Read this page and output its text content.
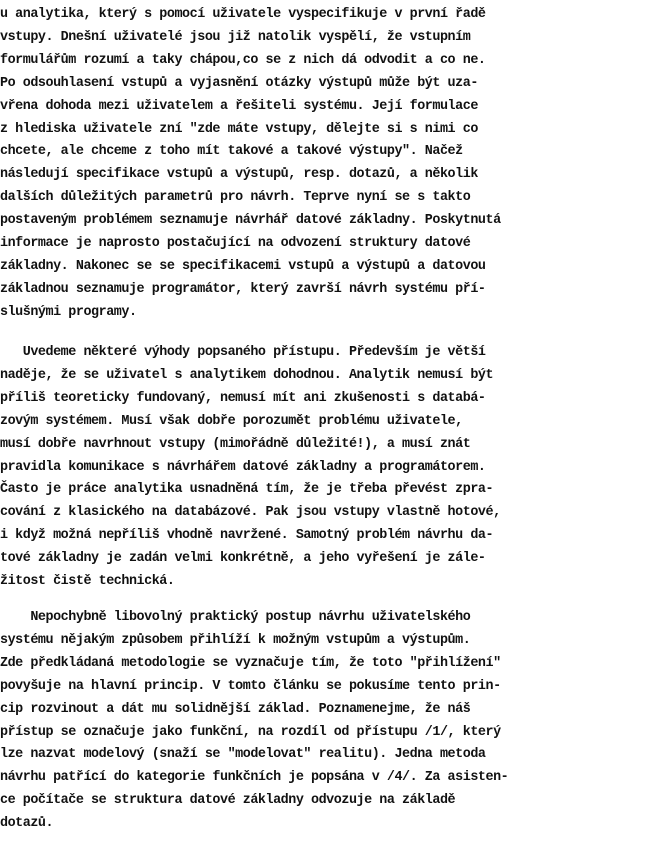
u analytika, který s pomocí uživatele vyspecifikuje v první řadě
vstupy. Dnešní uživatelé jsou již natolik vyspělí, že vstupním
formulářům rozumí a taky chápou,co se z nich dá odvodit a co ne.
Po odsouhlasení vstupů a vyjasnění otázky výstupů může být uza-
vřena dohoda mezi uživatelem a řešiteli systému. Její formulace
z hlediska uživatele zní "zde máte vstupy, dělejte si s nimi co
chcete, ale chceme z toho mít takové a takové výstupy". Načež
následují specifikace vstupů a výstupů, resp. dotazů, a několik
dalších důležitých parametrů pro návrh. Teprve nyní se s takto
postaveným problémem seznamuje návrhář datové základny. Poskytnutá
informace je naprosto postačující na odvození struktury datové
základny. Nakonec se se specifikacemi vstupů a výstupů a datovou
základnou seznamuje programátor, který završí návrh systému pří-
slušnými programy.
Uvedeme některé výhody popsaného přístupu. Především je větší
naděje, že se uživatel s analytikem dohodnou. Analytik nemusí být
příliš teoreticky fundovaný, nemusí mít ani zkušenosti s databá-
zovým systémem. Musí však dobře porozumět problému uživatele,
musí dobře navrhnout vstupy (mimořádně důležité!), a musí znát
pravidla komunikace s návrhářem datové základny a programátorem.
Často je práce analytika usnadněná tím, že je třeba převést zpra-
cování z klasického na databázové. Pak jsou vstupy vlastně hotové,
i když možná nepříliš vhodně navržené. Samotný problém návrhu da-
tové základny je zadán velmi konkrétně, a jeho vyřešení je zále-
žitost čistě technická.
Nepochybně libovolný praktický postup návrhu uživatelského
systému nějakým způsobem přihlíží k možným vstupům a výstupům.
Zde předkládaná metodologie se vyznačuje tím, že toto "přihlížení"
povyšuje na hlavní princip. V tomto článku se pokusíme tento prin-
cip rozvinout a dát mu solidnější základ. Poznamenejme, že náš
přístup se označuje jako funkční, na rozdíl od přístupu /1/, který
lze nazvat modelový (snaží se "modelovat" realitu). Jedna metoda
návrhu patřící do kategorie funkčních je popsána v /4/. Za asisten-
ce počítače se struktura datové základny odvozuje na základě
dotazů.
